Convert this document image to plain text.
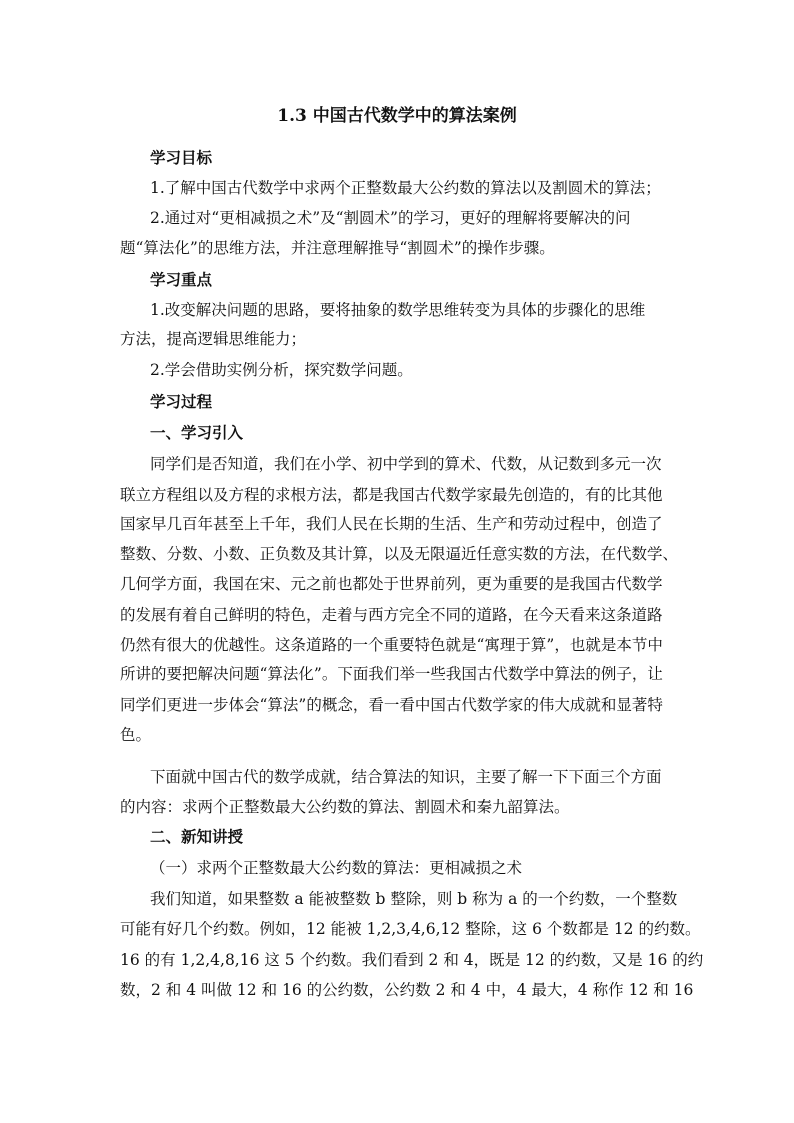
1.3 中国古代数学中的算法案例
学习目标
1.了解中国古代数学中求两个正整数最大公约数的算法以及割圆术的算法；
2.通过对“更相减损之术”及“割圆术”的学习，更好的理解将要解决的问
题“算法化”的思维方法，并注意理解推导“割圆术”的操作步骤。
学习重点
1.改变解决问题的思路，要将抽象的数学思维转变为具体的步骤化的思维
方法，提高逻辑思维能力；
2.学会借助实例分析，探究数学问题。
学习过程
一、学习引入
同学们是否知道，我们在小学、初中学到的算术、代数，从记数到多元一次
联立方程组以及方程的求根方法，都是我国古代数学家最先创造的，有的比其他
国家早几百年甚至上千年，我们人民在长期的生活、生产和劳动过程中，创造了
整数、分数、小数、正负数及其计算，以及无限逼近任意实数的方法，在代数学、
几何学方面，我国在宋、元之前也都处于世界前列，更为重要的是我国古代数学
的发展有着自己鲜明的特色，走着与西方完全不同的道路，在今天看来这条道路
仍然有很大的优越性。这条道路的一个重要特色就是“寓理于算”，也就是本节中
所讲的要把解决问题“算法化”。下面我们举一些我国古代数学中算法的例子，让
同学们更进一步体会“算法”的概念，看一看中国古代数学家的伟大成就和显著特
色。
下面就中国古代的数学成就，结合算法的知识，主要了解一下下面三个方面
的内容：求两个正整数最大公约数的算法、割圆术和秦九韶算法。
二、新知讲授
（一）求两个正整数最大公约数的算法：更相减损之术
我们知道，如果整数 a 能被整数 b 整除，则 b 称为 a 的一个约数，一个整数
可能有好几个约数。例如，12 能被 1,2,3,4,6,12 整除，这 6 个数都是 12 的约数。
16 的有 1,2,4,8,16 这 5 个约数。我们看到 2 和 4，既是 12 的约数，又是 16 的约
数，2 和 4 叫做 12 和 16 的公约数，公约数 2 和 4 中，4 最大，4 称作 12 和 16
